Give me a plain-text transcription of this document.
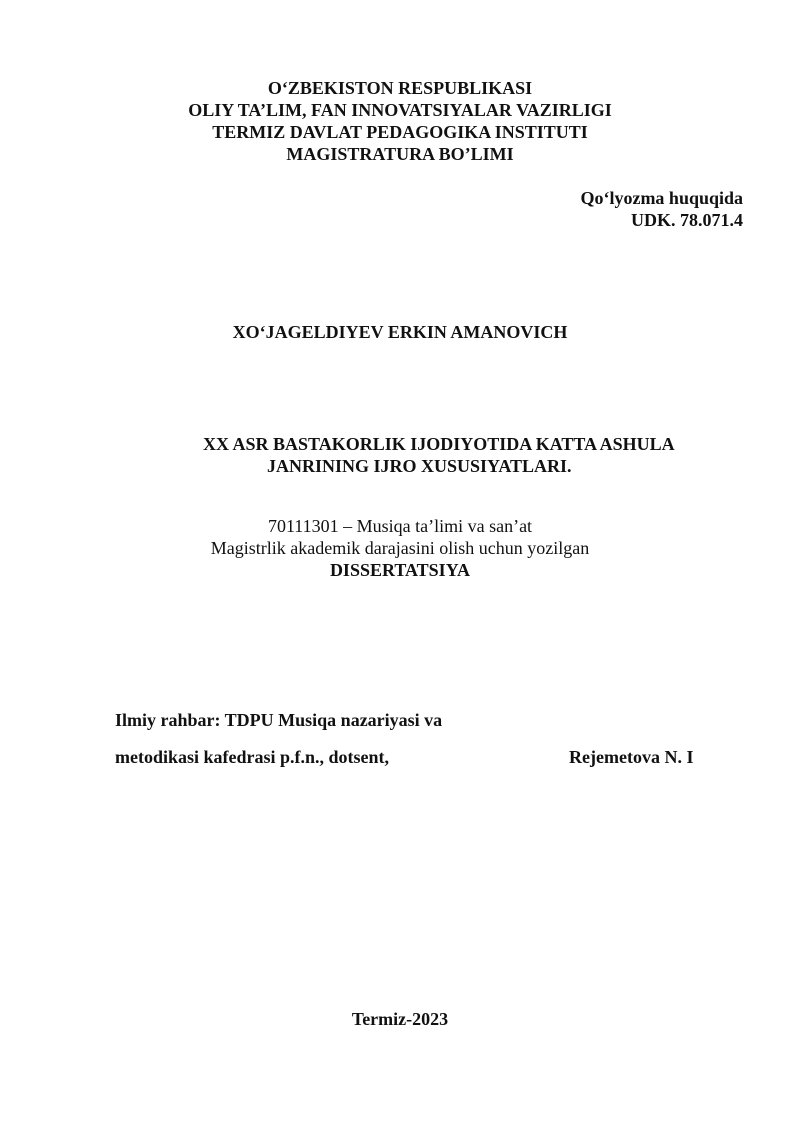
O‘ZBEKISTON RESPUBLIKASI
OLIY TA’LIM, FAN INNOVATSIYALAR VAZIRLIGI
TERMIZ DAVLAT PEDAGOGIKA INSTITUTI
MAGISTRATURA BO’LIMI
Qo‘lyozma huquqida
UDK. 78.071.4
XO‘JAGELDIYEV ERKIN AMANOVICH
XX ASR BASTAKORLIK IJODIYOTIDA KATTA ASHULA
JANRINING IJRO XUSUSIYATLARI.
70111301 – Musiqa ta’limi va san’at
Magistrlik akademik darajasini olish uchun yozilgan
DISSERTATSIYA
Ilmiy rahbar: TDPU Musiqa nazariyasi va
metodikasi kafedrasi p.f.n., dotsent,	Rejemetova N. I
Termiz-2023
